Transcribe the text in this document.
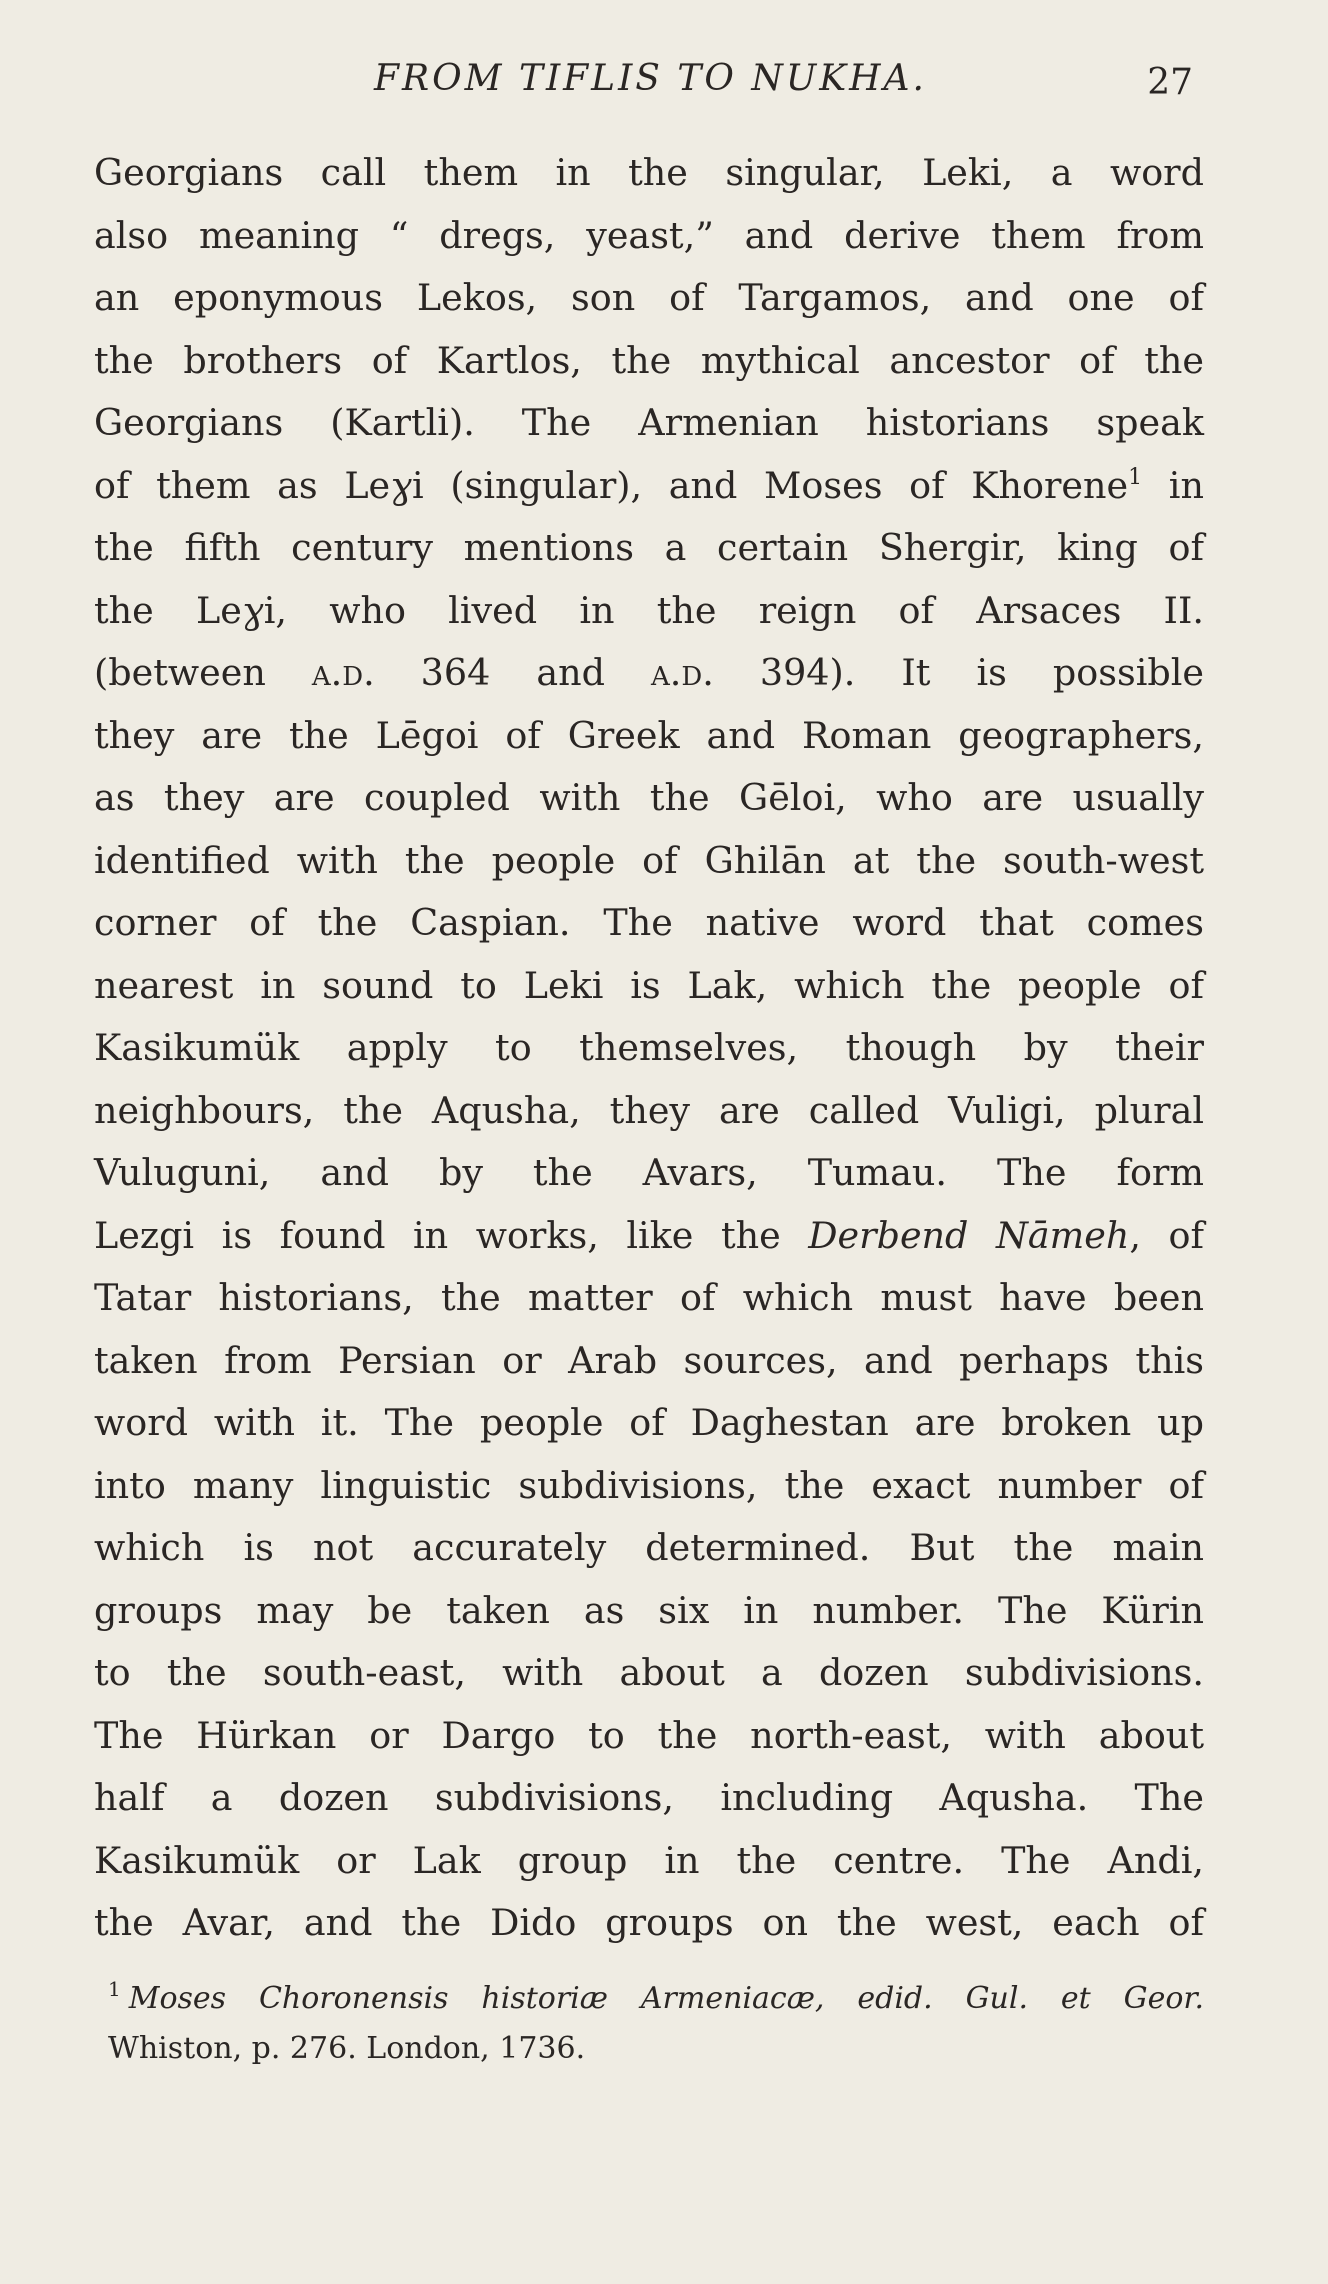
FROM TIFLIS TO NUKHA.	27
Georgians call them in the singular, Leki, a word
also meaning “ dregs, yeast,” and derive them from
an eponymous Lekos, son of Targamos, and one of
the brothers of Kartlos, the mythical ancestor of the
Georgians (Kartli). The Armenian historians speak
of them as Leɣi (singular), and Moses of Khorene$^1$ in
the fifth century mentions a certain Shergir, king of
the Leɣi, who lived in the reign of Arsaces II.
(between a.d. 364 and a.d. 394). It is possible
they are the Lēgoi of Greek and Roman geographers,
as they are coupled with the Gēloi, who are usually
identified with the people of Ghilān at the south-west
corner of the Caspian. The native word that comes
nearest in sound to Leki is Lak, which the people of
Kasikumük apply to themselves, though by their
neighbours, the Aqusha, they are called Vuligi, plural
Vuluguni, and by the Avars, Tumau. The form
Lezgi is found in works, like the Derbend Nāmeh, of
Tatar historians, the matter of which must have been
taken from Persian or Arab sources, and perhaps this
word with it. The people of Daghestan are broken up
into many linguistic subdivisions, the exact number of
which is not accurately determined. But the main
groups may be taken as six in number. The Kürin
to the south-east, with about a dozen subdivisions.
The Hürkan or Dargo to the north-east, with about
half a dozen subdivisions, including Aqusha. The
Kasikumük or Lak group in the centre. The Andi,
the Avar, and the Dido groups on the west, each of
$^1$ Moses Choronensis historiæ Armeniacæ, edid. Gul. et Geor.
Whiston, p. 276. London, 1736.
